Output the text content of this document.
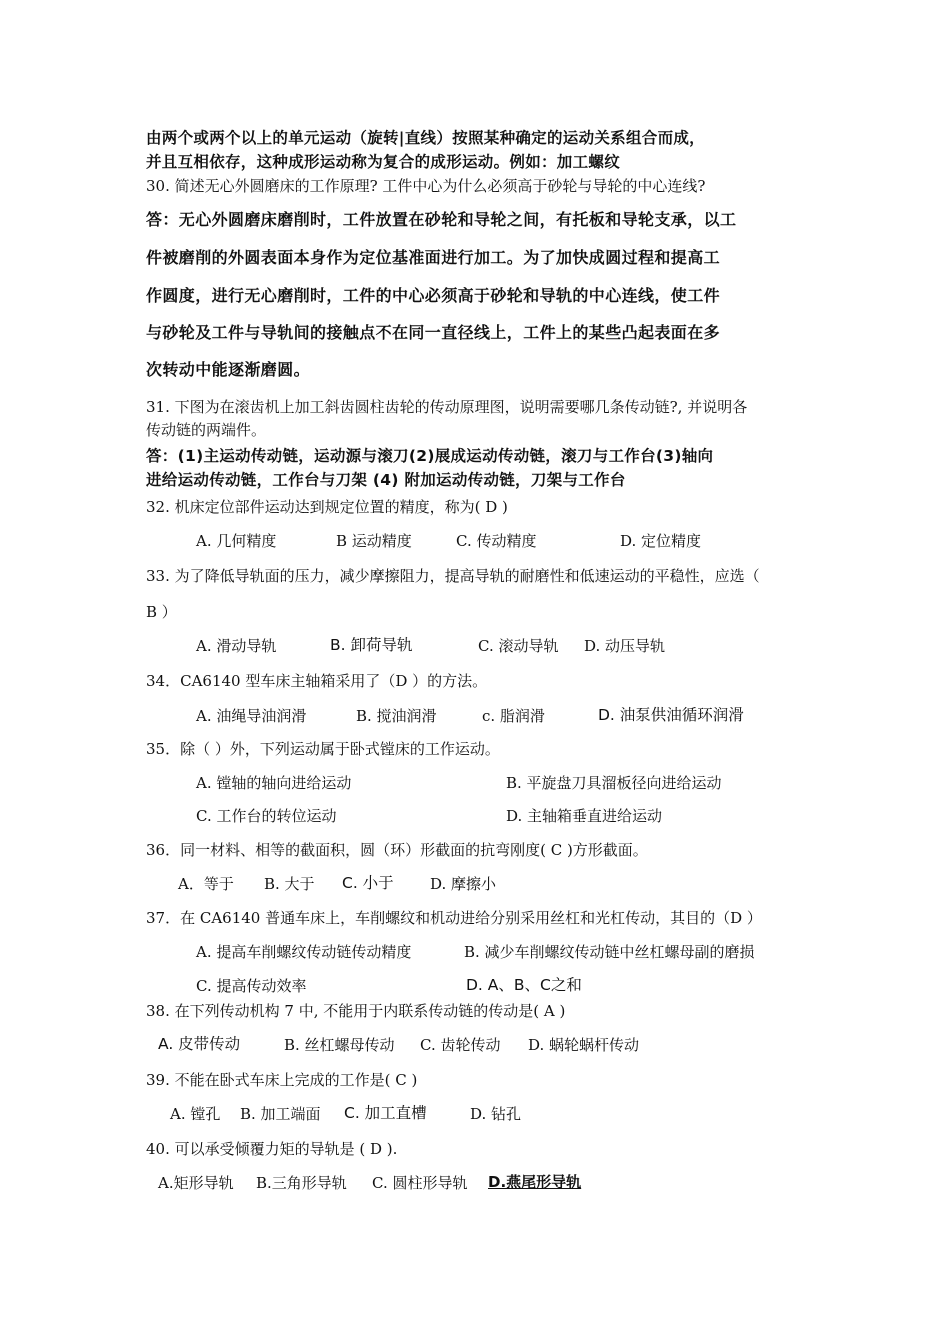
由两个或两个以上的单元运动（旋转|直线）按照某种确定的运动关系组合而成，
并且互相依存，这种成形运动称为复合的成形运动。例如：加工螺纹
30. 简述无心外圆磨床的工作原理? 工件中心为什么必须高于砂轮与导轮的中心连线?
答：无心外圆磨床磨削时，工件放置在砂轮和导轮之间，有托板和导轮支承，以工
件被磨削的外圆表面本身作为定位基准面进行加工。为了加快成圆过程和提高工
作圆度，进行无心磨削时，工件的中心必须高于砂轮和导轨的中心连线，使工件
与砂轮及工件与导轨间的接触点不在同一直径线上，工件上的某些凸起表面在多
次转动中能逐渐磨圆。
31. 下图为在滚齿机上加工斜齿圆柱齿轮的传动原理图，说明需要哪几条传动链?, 并说明各
传动链的两端件。
答：(1)主运动传动链，运动源与滚刀(2)展成运动传动链，滚刀与工作台(3)轴向
进给运动传动链，工作台与刀架 (4) 附加运动传动链，刀架与工作台
32. 机床定位部件运动达到规定位置的精度，称为( D )
A. 几何精度	B 运动精度	C. 传动精度	D. 定位精度
33. 为了降低导轨面的压力，减少摩擦阻力，提高导轨的耐磨性和低速运动的平稳性，应选（
B ）
A. 滑动导轨	B. 卸荷导轨	C. 滚动导轨 D. 动压导轨
34．CA6140 型车床主轴箱采用了（D ）的方法。
A. 油绳导油润滑	B. 搅油润滑	c. 脂润滑	D. 油泵供油循环润滑
35．除（ ）外，下列运动属于卧式镗床的工作运动。
A. 镗轴的轴向进给运动	B. 平旋盘刀具溜板径向进给运动
C. 工作台的转位运动	D. 主轴箱垂直进给运动
36．同一材料、相等的截面积，圆（环）形截面的抗弯刚度( C )方形截面。
A．等于 B. 大于 C. 小于 D. 摩擦小
37．在 CA6140 普通车床上，车削螺纹和机动进给分别采用丝杠和光杠传动，其目的（D ）
A. 提高车削螺纹传动链传动精度	B. 减少车削螺纹传动链中丝杠螺母副的磨损
C. 提高传动效率	D. A、B、C之和
38. 在下列传动机构 7 中, 不能用于内联系传动链的传动是( A )
A. 皮带传动	B. 丝杠螺母传动 C. 齿轮传动 D. 蜗轮蜗杆传动
39. 不能在卧式车床上完成的工作是( C )
A. 镗孔 B. 加工端面 C. 加工直槽	D. 钻孔
40. 可以承受倾覆力矩的导轨是 ( D ).
A.矩形导轨 B.三角形导轨 C. 圆柱形导轨 D.燕尾形导轨
